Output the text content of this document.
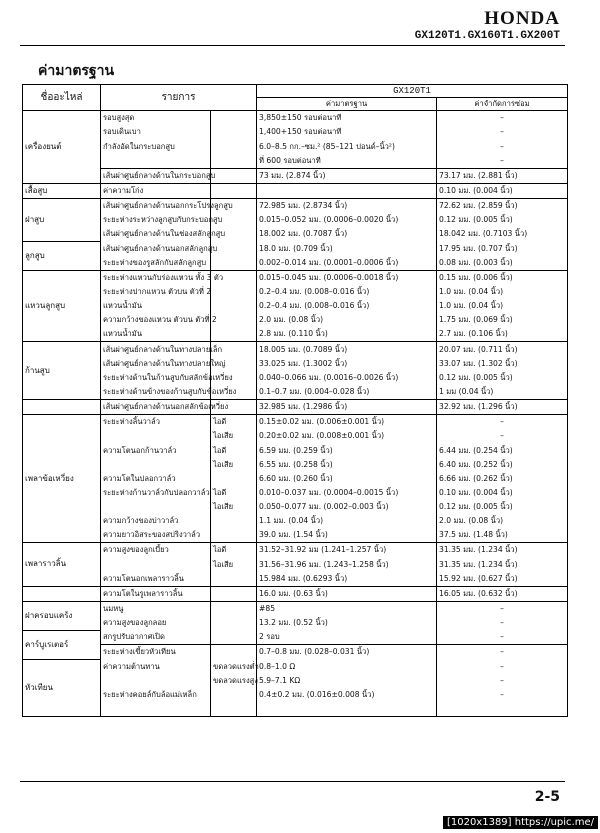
HONDA
GX120T1.GX160T1.GX200T
ค่ามาตรฐาน
ชื่ออะไหล่	รายการ		GX120T1	
			ค่ามาตรฐาน	ค่าจำกัดการซ่อม
เครื่องยนต์	รอบสูงสุด		3,850±150 รอบต่อนาที	–
	รอบเดินเบา		1,400+150 รอบต่อนาที	–
	กำลังอัดในกระบอกสูบ		6.0–8.5 กก.–ซม.² (85–121 ปอนด์–นิ้ว²)	–
			ที่ 600 รอบต่อนาที	–
	เส้นผ่าศูนย์กลางด้านในกระบอกสูบ		73 มม. (2.874 นิ้ว)	73.17 มม. (2.881 นิ้ว)
เสื้อสูบ	ค่าความโก่ง			0.10 มม. (0.004 นิ้ว)
ฝาสูบ	เส้นผ่าศูนย์กลางด้านนอกกระโปรงลูกสูบ		72.985 มม. (2.8734 นิ้ว)	72.62 มม. (2.859 นิ้ว)
	ระยะห่างระหว่างลูกสูบกับกระบอกสูบ		0.015–0.052 มม. (0.0006–0.0020 นิ้ว)	0.12 มม. (0.005 นิ้ว)
	เส้นผ่าศูนย์กลางด้านในช่องสลักลูกสูบ		18.002 มม. (0.7087 นิ้ว)	18.042 มม. (0.7103 นิ้ว)
ลูกสูบ	เส้นผ่าศูนย์กลางด้านนอกสลักลูกสูบ		18.0 มม. (0.709 นิ้ว)	17.95 มม. (0.707 นิ้ว)
	ระยะห่างของรูสลักกับสลักลูกสูบ		0.002–0.014 มม. (0.0001–0.0006 นิ้ว)	0.08 มม. (0.003 นิ้ว)
แหวนลูกสูบ	ระยะห่างแหวนกับร่องแหวน ทั้ง 3 ตัว		0.015–0.045 มม. (0.0006–0.0018 นิ้ว)	0.15 มม. (0.006 นิ้ว)
	ระยะห่างปากแหวน ตัวบน ตัวที่ 2		0.2–0.4 มม. (0.008–0.016 นิ้ว)	1.0 มม. (0.04 นิ้ว)
	แหวนน้ำมัน		0.2–0.4 มม. (0.008–0.016 นิ้ว)	1.0 มม. (0.04 นิ้ว)
	ความกว้างของแหวน ตัวบน ตัวที่ 2		2.0 มม. (0.08 นิ้ว)	1.75 มม. (0.069 นิ้ว)
	แหวนน้ำมัน		2.8 มม. (0.110 นิ้ว)	2.7 มม. (0.106 นิ้ว)
ก้านสูบ	เส้นผ่าศูนย์กลางด้านในทางปลายเล็ก		18.005 มม. (0.7089 นิ้ว)	20.07 มม. (0.711 นิ้ว)
	เส้นผ่าศูนย์กลางด้านในทางปลายใหญ่		33.025 มม. (1.3002 นิ้ว)	33.07 มม. (1.302 นิ้ว)
	ระยะห่างด้านในก้านสูบกับสลักข้อเหวี่ยง		0.040–0.066 มม. (0.0016–0.0026 นิ้ว)	0.12 มม. (0.005 นิ้ว)
	ระยะห่างด้านข้างของก้านสูบกับข้อเหวี่ยง		0.1–0.7 มม. (0.004–0.028 นิ้ว)	1 มม (0.04 นิ้ว)
	เส้นผ่าศูนย์กลางด้านนอกสลักข้อเหวี่ยง		32.985 มม. (1.2986 นิ้ว)	32.92 มม. (1.296 นิ้ว)
เพลาข้อเหวี่ยง	ระยะห่างลิ้นวาล์ว	ไอดี	0.15±0.02 มม. (0.006±0.001 นิ้ว)	–
		ไอเสีย	0.20±0.02 มม. (0.008±0.001 นิ้ว)	–
	ความโตนอกก้านวาล์ว	ไอดี	6.59 มม. (0.259 นิ้ว)	6.44 มม. (0.254 นิ้ว)
		ไอเสีย	6.55 มม. (0.258 นิ้ว)	6.40 มม. (0.252 นิ้ว)
	ความโตในปลอกวาล์ว		6.60 มม. (0.260 นิ้ว)	6.66 มม. (0.262 นิ้ว)
	ระยะห่างก้านวาล์วกับปลอกวาล์ว	ไอดี	0.010–0.037 มม. (0.0004–0.0015 นิ้ว)	0.10 มม. (0.004 นิ้ว)
		ไอเสีย	0.050–0.077 มม. (0.002–0.003 นิ้ว)	0.12 มม. (0.005 นิ้ว)
	ความกว้างของบ่าวาล์ว		1.1 มม. (0.04 นิ้ว)	2.0 มม. (0.08 นิ้ว)
	ความยาวอิสระของสปริงวาล์ว		39.0 มม. (1.54 นิ้ว)	37.5 มม. (1.48 นิ้ว)
เพลาราวลิ้น	ความสูงของลูกเบี้ยว	ไอดี	31.52–31.92 มม (1.241–1.257 นิ้ว)	31.35 มม. (1.234 นิ้ว)
		ไอเสีย	31.56–31.96 มม. (1.243–1.258 นิ้ว)	31.35 มม. (1.234 นิ้ว)
	ความโตนอกเพลาราวลิ้น		15.984 มม. (0.6293 นิ้ว)	15.92 มม. (0.627 นิ้ว)
	ความโตในรูเพลาราวลิ้น		16.0 มม. (0.63 นิ้ว)	16.05 มม. (0.632 นิ้ว)
ฝาครอบแคร้ง	นมหนู		#85	–
	ความสูงของลูกลอย		13.2 มม. (0.52 นิ้ว)	–
คาร์บูเรเตอร์	สกรูปรับอากาศเปิด		2 รอบ	–
	ระยะห่างเขี้ยวหัวเทียน		0.7–0.8 มม. (0.028–0.031 นิ้ว)	–
หัวเทียน	ค่าความต้านทาน	ขดลวดแรงต่ำ	0.8–1.0 Ω	–
		ขดลวดแรงสูง	5.9–7.1 KΩ	–
	ระยะห่างคอยล์กับล้อแม่เหล็ก		0.4±0.2 มม. (0.016±0.008 นิ้ว)	–

2-5
[1020x1389] https://upic.me/
